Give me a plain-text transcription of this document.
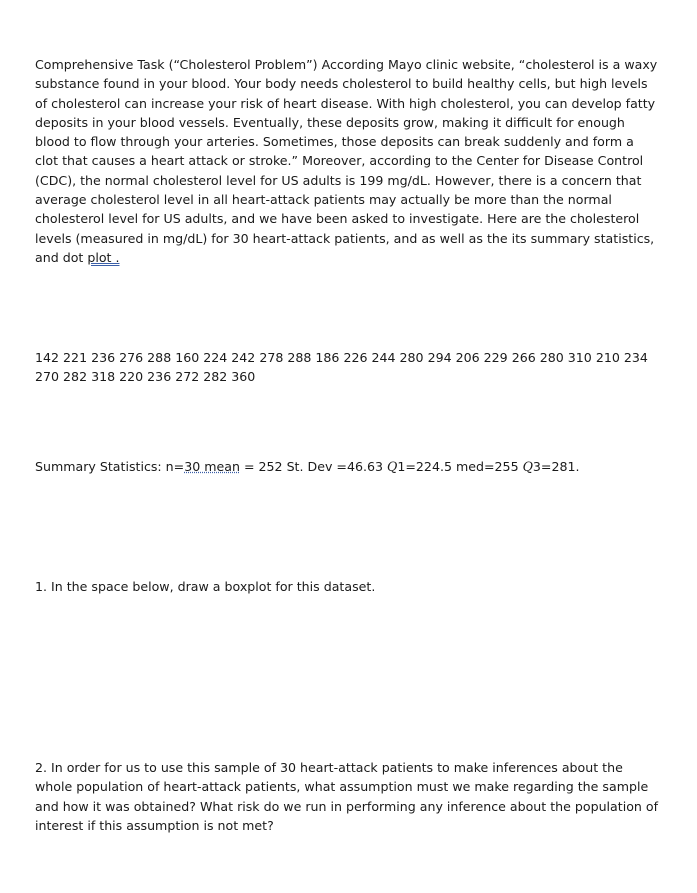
Comprehensive Task (“Cholesterol Problem”) According Mayo clinic website, “cholesterol is a waxy substance found in your blood. Your body needs cholesterol to build healthy cells, but high levels of cholesterol can increase your risk of heart disease. With high cholesterol, you can develop fatty deposits in your blood vessels. Eventually, these deposits grow, making it difficult for enough blood to flow through your arteries. Sometimes, those deposits can break suddenly and form a clot that causes a heart attack or stroke.” Moreover, according to the Center for Disease Control (CDC), the normal cholesterol level for US adults is 199 mg/dL. However, there is a concern that average cholesterol level in all heart-attack patients may actually be more than the normal cholesterol level for US adults, and we have been asked to investigate. Here are the cholesterol levels (measured in mg/dL) for 30 heart-attack patients, and as well as the its summary statistics, and dot plot .

142 221 236 276 288 160 224 242 278 288 186 226 244 280 294 206 229 266 280 310 210 234 270 282 318 220 236 272 282 360

Summary Statistics: n=30 mean = 252 St. Dev =46.63 Q1=224.5 med=255 Q3=281.

1. In the space below, draw a boxplot for this dataset.

2. In order for us to use this sample of 30 heart-attack patients to make inferences about the whole population of heart-attack patients, what assumption must we make regarding the sample and how it was obtained? What risk do we run in performing any inference about the population of interest if this assumption is not met?
